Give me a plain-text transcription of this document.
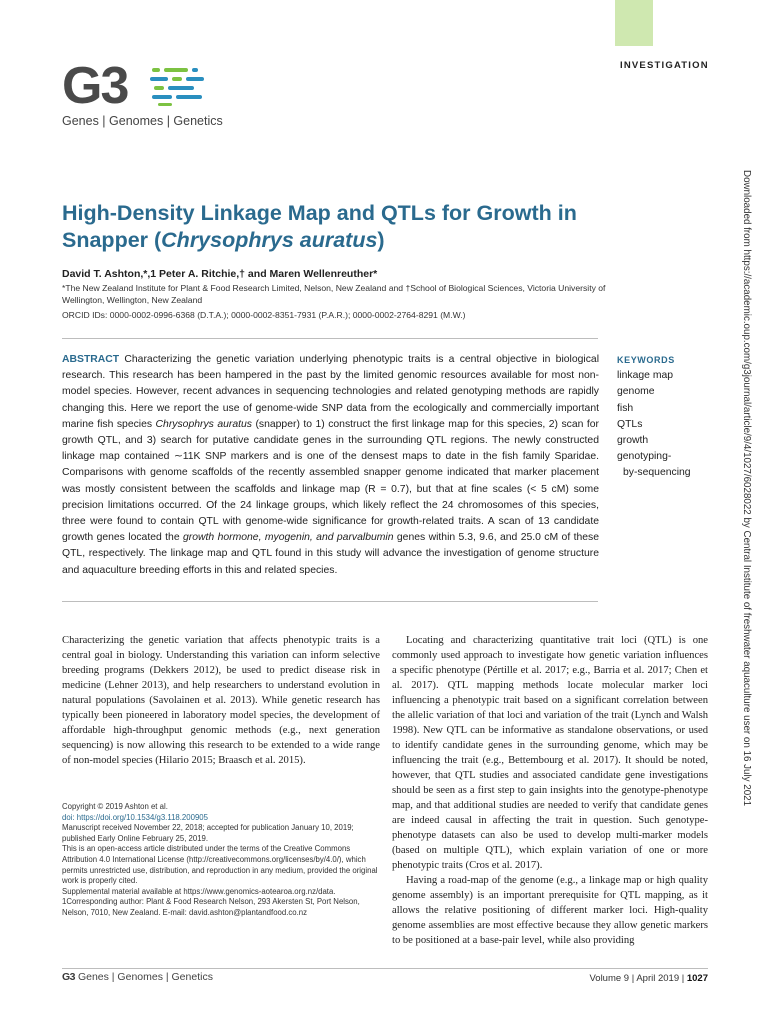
INVESTIGATION
G3
Genes | Genomes | Genetics
Downloaded from https://academic.oup.com/g3journal/article/9/4/1027/6028022 by Central Institute of freshwater aquaculture user on 16 July 2021
High-Density Linkage Map and QTLs for Growth in Snapper (Chrysophrys auratus)
David T. Ashton,*,1 Peter A. Ritchie,† and Maren Wellenreuther*
*The New Zealand Institute for Plant & Food Research Limited, Nelson, New Zealand and †School of Biological Sciences, Victoria University of Wellington, Wellington, New Zealand
ORCID IDs: 0000-0002-0996-6368 (D.T.A.); 0000-0002-8351-7931 (P.A.R.); 0000-0002-2764-8291 (M.W.)
ABSTRACT Characterizing the genetic variation underlying phenotypic traits is a central objective in biological research. This research has been hampered in the past by the limited genomic resources available for most non-model species. However, recent advances in sequencing technologies and related genotyping methods are rapidly changing this. Here we report the use of genome-wide SNP data from the ecologically and commercially important marine fish species Chrysophrys auratus (snapper) to 1) construct the first linkage map for this species, 2) scan for growth QTL, and 3) search for putative candidate genes in the surrounding QTL regions. The newly constructed linkage map contained ∼11K SNP markers and is one of the densest maps to date in the fish family Sparidae. Comparisons with genome scaffolds of the recently assembled snapper genome indicated that marker placement was mostly consistent between the scaffolds and linkage map (R = 0.7), but that at fine scales (< 5 cM) some precision limitations occurred. Of the 24 linkage groups, which likely reflect the 24 chromosomes of this species, three were found to contain QTL with genome-wide significance for growth-related traits. A scan of 13 candidate growth genes located the growth hormone, myogenin, and parvalbumin genes within 5.3, 9.6, and 25.0 cM of these QTL, respectively. The linkage map and QTL found in this study will advance the investigation of genome structure and aquaculture breeding efforts in this and related species.
KEYWORDS
linkage map
genome
fish
QTLs
growth
genotyping-
by-sequencing

Characterizing the genetic variation that affects phenotypic traits is a central goal in biology. Understanding this variation can inform selective breeding programs (Dekkers 2012), be used to predict disease risk in medicine (Lehner 2013), and help researchers to understand evolution in natural populations (Savolainen et al. 2013). While genetic research has typically been pioneered in laboratory model species, the development of affordable high-throughput genomic methods (e.g., next generation sequencing) is now allowing this research to be extended to a wide range of non-model species (Hilario 2015; Braasch et al. 2015).

Locating and characterizing quantitative trait loci (QTL) is one commonly used approach to investigate how genetic variation influences a specific phenotype (Pértille et al. 2017; e.g., Barria et al. 2017; Chen et al. 2017). QTL mapping methods locate molecular marker loci influencing a phenotypic trait based on a significant correlation between the allelic variation of that loci and variation of the trait (Lynch and Walsh 1998). New QTL can be informative as standalone observations, or used to identify candidate genes in the surrounding genome, which may be influencing the trait (e.g., Bettembourg et al. 2017). It should be noted, however, that QTL studies and associated candidate gene investigations should be seen as a first step to gain insights into the genotype-phenotype map, and that additional studies are needed to verify that candidate genes are indeed causal in affecting the trait in question. Such genotype-phenotype datasets can also be used to develop multi-marker models (based on multiple QTL), which explain variation of one or more phenotypic traits (Cros et al. 2017).

Having a road-map of the genome (e.g., a linkage map or high quality genome assembly) is an important prerequisite for QTL mapping, as it allows the relative positioning of different marker loci. High-quality genome assemblies are most effective because they allow genetic markers to be positioned at a base-pair level, while also providing

Copyright © 2019 Ashton et al.
doi: https://doi.org/10.1534/g3.118.200905
Manuscript received November 22, 2018; accepted for publication January 10, 2019; published Early Online February 25, 2019.
This is an open-access article distributed under the terms of the Creative Commons Attribution 4.0 International License (http://creativecommons.org/licenses/by/4.0/), which permits unrestricted use, distribution, and reproduction in any medium, provided the original work is properly cited.
Supplemental material available at https://www.genomics-aotearoa.org.nz/data.
1Corresponding author: Plant & Food Research Nelson, 293 Akersten St, Port Nelson, Nelson, 7010, New Zealand. E-mail: david.ashton@plantandfood.co.nz
G3 Genes | Genomes | Genetics	Volume 9 | April 2019 | 1027
